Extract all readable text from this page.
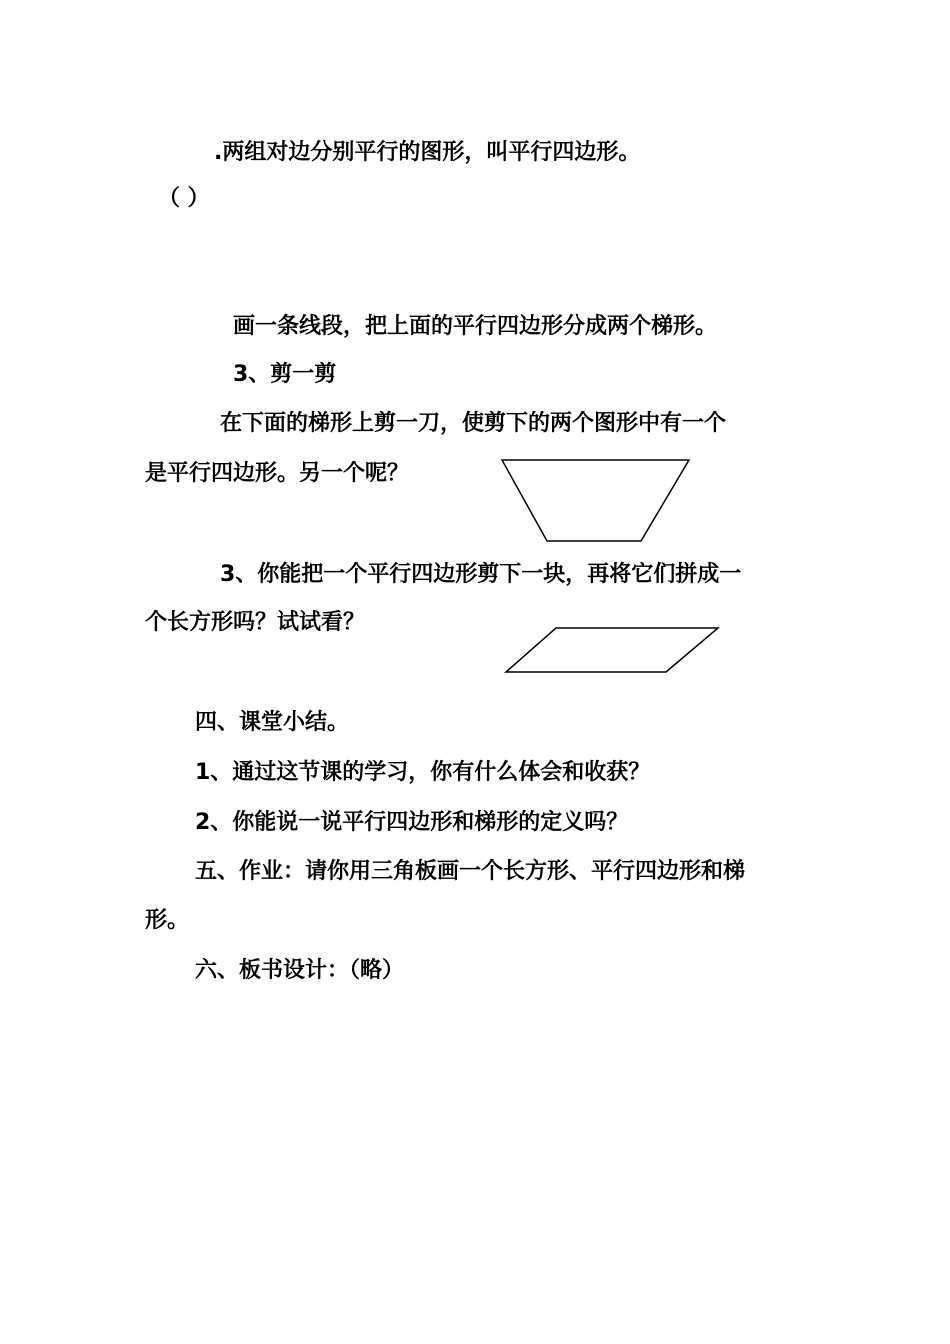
.两组对边分别平行的图形，叫平行四边形。
（ ）
画一条线段，把上面的平行四边形分成两个梯形。
3、剪一剪
在下面的梯形上剪一刀，使剪下的两个图形中有一个
是平行四边形。另一个呢？
3、你能把一个平行四边形剪下一块，再将它们拼成一
个长方形吗？试试看？
四、课堂小结。
1、通过这节课的学习，你有什么体会和收获？
2、你能说一说平行四边形和梯形的定义吗？
五、作业：请你用三角板画一个长方形、平行四边形和梯
形。
六、板书设计：（略）
